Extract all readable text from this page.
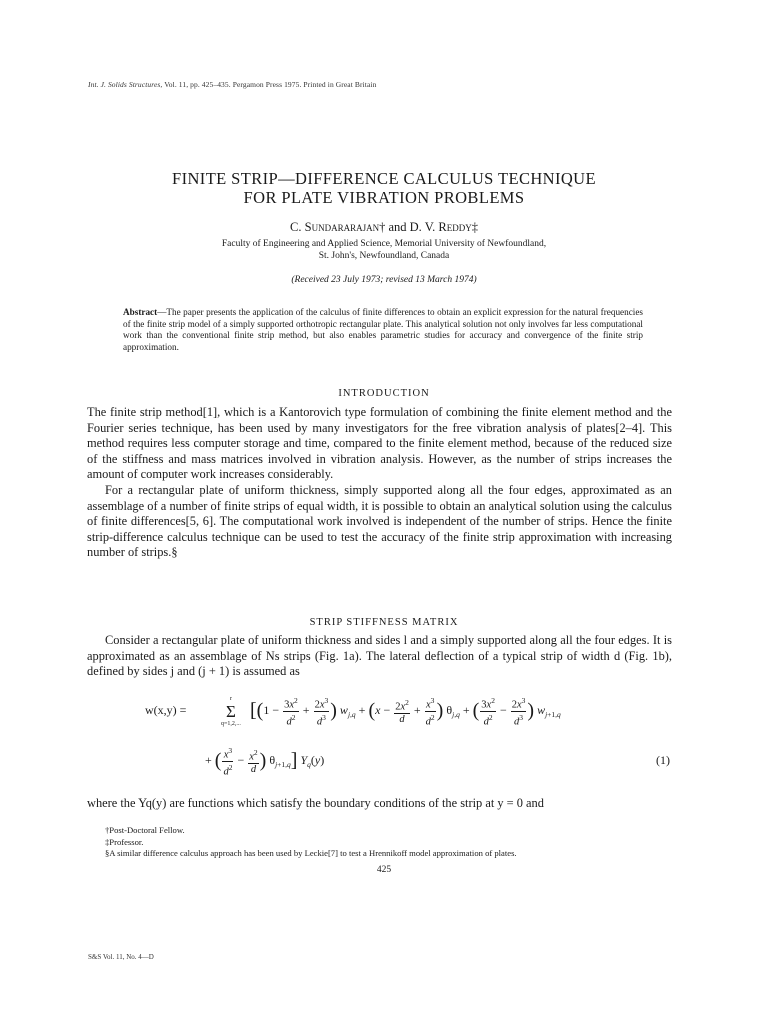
Int. J. Solids Structures, Vol. 11, pp. 425–435. Pergamon Press 1975. Printed in Great Britain
FINITE STRIP—DIFFERENCE CALCULUS TECHNIQUE
FOR PLATE VIBRATION PROBLEMS
C. Sundararajan† and D. V. Reddy‡
Faculty of Engineering and Applied Science, Memorial University of Newfoundland,
St. John's, Newfoundland, Canada
(Received 23 July 1973; revised 13 March 1974)
Abstract—The paper presents the application of the calculus of finite differences to obtain an explicit expression for the natural frequencies of the finite strip model of a simply supported orthotropic rectangular plate. This analytical solution not only involves far less computational work than the conventional finite strip method, but also enables parametric studies for accuracy and convergence of the finite strip approximation.
INTRODUCTION

The finite strip method[1], which is a Kantorovich type formulation of combining the finite element method and the Fourier series technique, has been used by many investigators for the free vibration analysis of plates[2–4]. This method requires less computer storage and time, compared to the finite element method, because of the reduced size of the stiffness and mass matrices involved in vibration analysis. However, as the number of strips increases the amount of computer work increases considerably.

For a rectangular plate of uniform thickness, simply supported along all the four edges, approximated as an assemblage of a number of finite strips of equal width, it is possible to obtain an analytical solution using the calculus of finite differences[5, 6]. The computational work involved is independent of the number of strips. Hence the finite strip-difference calculus technique can be used to test the accuracy of the finite strip approximation with increasing number of strips.§

STRIP STIFFNESS MATRIX

Consider a rectangular plate of uniform thickness and sides l and a simply supported along all the four edges. It is approximated as an assemblage of Ns strips (Fig. 1a). The lateral deflection of a typical strip of width d (Fig. 1b), defined by sides j and (j + 1) is assumed as

w(x,y) =
r
Σ
q=1,2,...
[($1 - \frac{3x^2}{d^2} + \frac{2x^3}{d^3}$ ) $w_{j,q} + (x - \frac{2x^2}{d} + \frac{x^3}{d^2}$ ) $\theta_{j,q}$ + ( $\frac{3x^2}{d^2} - \frac{2x^3}{d^3}$ ) $w_{j+1,q}$
+ ( $\frac{x^3}{d^2} - \frac{x^2}{d}$ ) $\theta_{j+1,q}$] $Y_q(y)$	(1)

where the Yq(y) are functions which satisfy the boundary conditions of the strip at y = 0 and

†Post-Doctoral Fellow.
‡Professor.
§A similar difference calculus approach has been used by Leckie[7] to test a Hrennikoff model approximation of plates.
425
S&S Vol. 11, No. 4—D
